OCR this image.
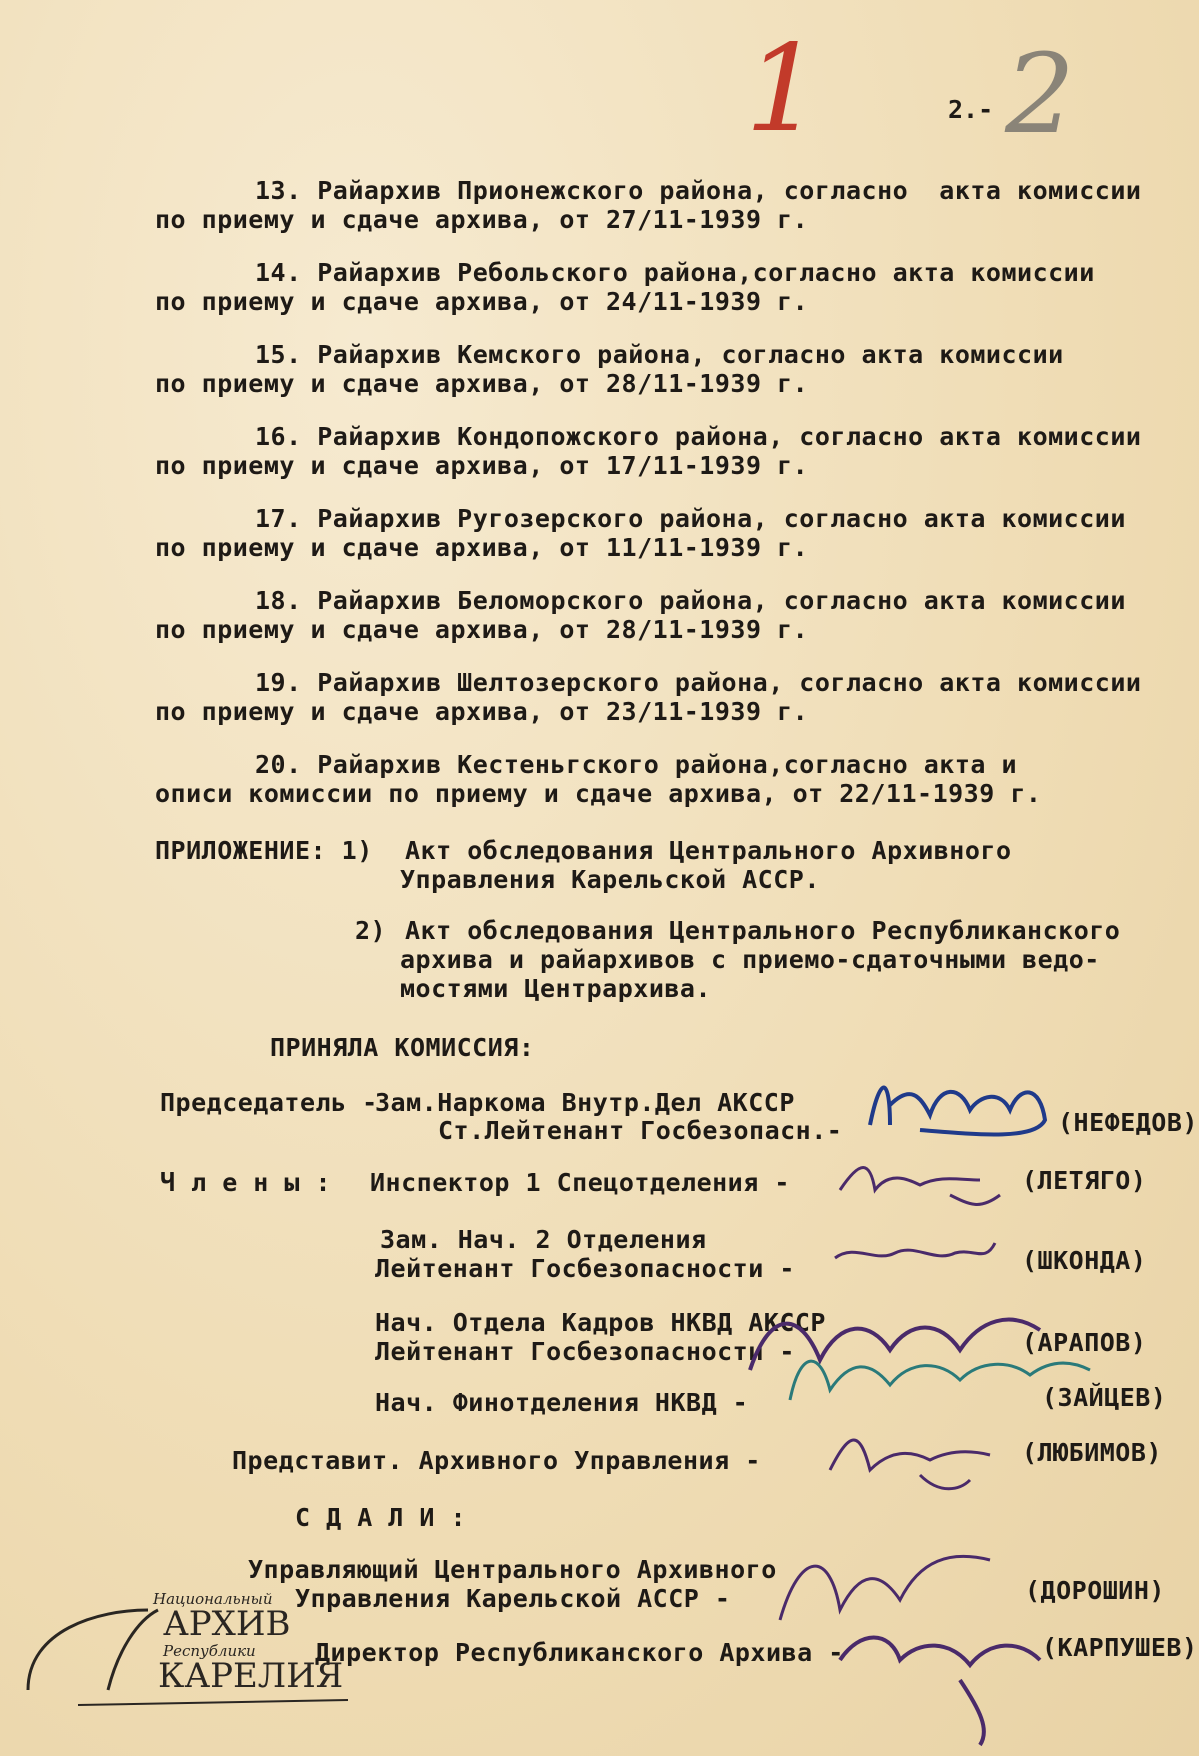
1	2.- 2
13. Райархив Прионежского района, согласно  акта комиссии
по приему и сдаче архива, от 27/11-1939 г.
14. Райархив Ребольского района,согласно акта комиссии
по приему и сдаче архива, от 24/11-1939 г.
15. Райархив Кемского района, согласно акта комиссии
по приему и сдаче архива, от 28/11-1939 г.
16. Райархив Кондопожского района, согласно акта комиссии
по приему и сдаче архива, от 17/11-1939 г.
17. Райархив Ругозерского района, согласно акта комиссии
по приему и сдаче архива, от 11/11-1939 г.
18. Райархив Беломорского района, согласно акта комиссии
по приему и сдаче архива, от 28/11-1939 г.
19. Райархив Шелтозерского района, согласно акта комиссии
по приему и сдаче архива, от 23/11-1939 г.
20. Райархив Кестеньгского района,согласно акта и
описи комиссии по приему и сдаче архива, от 22/11-1939 г.
ПРИЛОЖЕНИЕ: 1) Акт обследования Центрального Архивного
Управления Карельской АССР.
2) Акт обследования Центрального Республиканского
архива и райархивов с приемо-сдаточными ведо-
мостями Центрархива.
ПРИНЯЛА КОМИССИЯ:
Председатель -
Зам.Наркома Внутр.Дел АКССР
Ст.Лейтенант Госбезопасн.-	(НЕФЕДОВ)
Ч л е н ы : Инспектор 1 Спецотделения -	(ЛЕТЯГО)
Зам. Нач. 2 Отделения
Лейтенант Госбезопасности -	(ШКОНДА)
Нач. Отдела Кадров НКВД АКССР
Лейтенант Госбезопасности -	(АРАПОВ)
Нач. Финотделения НКВД -	(ЗАЙЦЕВ)
Представит. Архивного Управления -	(ЛЮБИМОВ)
С Д А Л И :
Управляющий Центрального Архивного
Управления Карельской АССР -	(ДОРОШИН)
Директор Республиканского Архива -	(КАРПУШЕВ)
Национальный
АРХИВ
Республики
КАРЕЛИЯ
